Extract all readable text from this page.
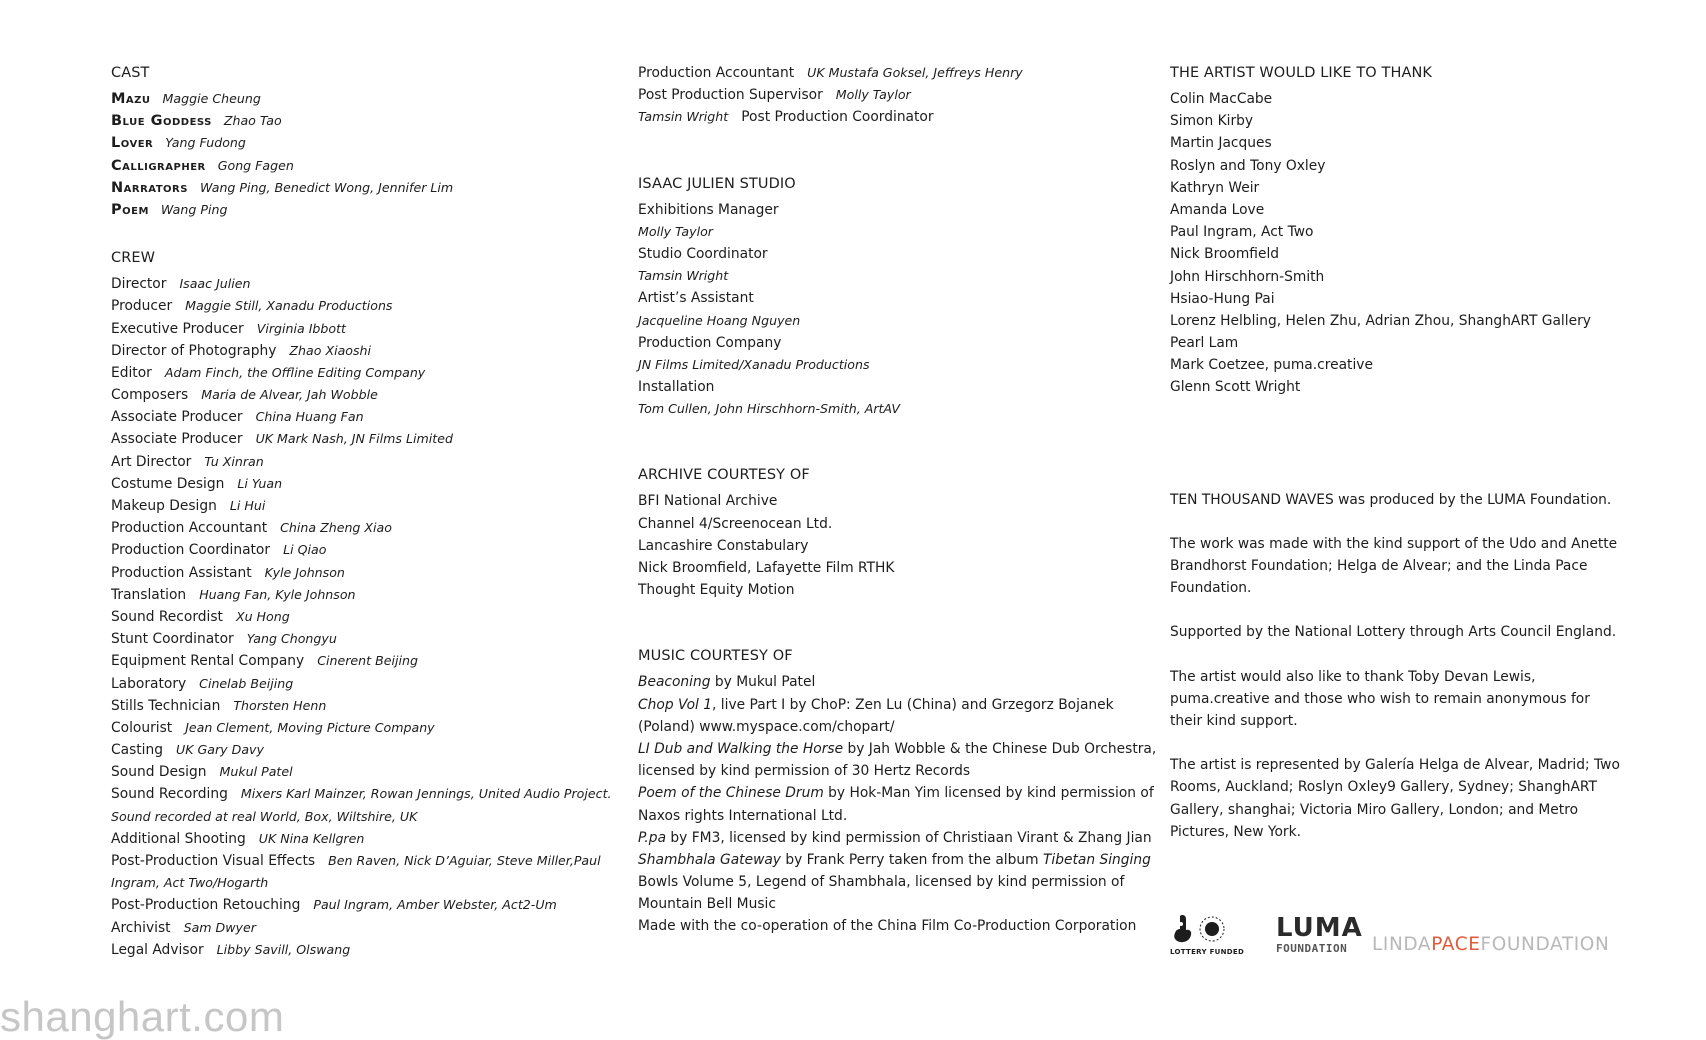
CAST
Mazu Maggie Cheung
Blue Goddess Zhao Tao
Lover Yang Fudong
Calligrapher Gong Fagen
Narrators Wang Ping, Benedict Wong, Jennifer Lim
Poem Wang Ping
CREW
Director Isaac Julien
Producer Maggie Still, Xanadu Productions
Executive Producer Virginia Ibbott
Director of Photography Zhao Xiaoshi
Editor Adam Finch, the Offline Editing Company
Composers Maria de Alvear, Jah Wobble
Associate Producer China Huang Fan
Associate Producer UK Mark Nash, JN Films Limited
Art Director Tu Xinran
Costume Design Li Yuan
Makeup Design Li Hui
Production Accountant China Zheng Xiao
Production Coordinator Li Qiao
Production Assistant Kyle Johnson
Translation Huang Fan, Kyle Johnson
Sound Recordist Xu Hong
Stunt Coordinator Yang Chongyu
Equipment Rental Company Cinerent Beijing
Laboratory Cinelab Beijing
Stills Technician Thorsten Henn
Colourist Jean Clement, Moving Picture Company
Casting UK Gary Davy
Sound Design Mukul Patel
Sound Recording Mixers Karl Mainzer, Rowan Jennings, United Audio Project.
Sound recorded at real World, Box, Wiltshire, UK
Additional Shooting UK Nina Kellgren
Post-Production Visual Effects Ben Raven, Nick D’Aguiar, Steve Miller,Paul
Ingram, Act Two/Hogarth
Post-Production Retouching Paul Ingram, Amber Webster, Act2-Um
Archivist Sam Dwyer
Legal Advisor Libby Savill, Olswang
Production Accountant UK Mustafa Goksel, Jeffreys Henry
Post Production Supervisor Molly Taylor
Tamsin Wright Post Production Coordinator
ISAAC JULIEN STUDIO
Exhibitions Manager
Molly Taylor
Studio Coordinator
Tamsin Wright
Artist’s Assistant
Jacqueline Hoang Nguyen
Production Company
JN Films Limited/Xanadu Productions
Installation
Tom Cullen, John Hirschhorn-Smith, ArtAV
ARCHIVE COURTESY OF
BFI National Archive
Channel 4/Screenocean Ltd.
Lancashire Constabulary
Nick Broomfield, Lafayette Film RTHK
Thought Equity Motion
MUSIC COURTESY OF
Beaconing by Mukul Patel
Chop Vol 1, live Part I by ChoP: Zen Lu (China) and Grzegorz Bojanek
(Poland) www.myspace.com/chopart/
LI Dub and Walking the Horse by Jah Wobble & the Chinese Dub Orchestra,
licensed by kind permission of 30 Hertz Records
Poem of the Chinese Drum by Hok-Man Yim licensed by kind permission of
Naxos rights International Ltd.
P.pa by FM3, licensed by kind permission of Christiaan Virant & Zhang Jian
Shambhala Gateway by Frank Perry taken from the album Tibetan Singing
Bowls Volume 5, Legend of Shambhala, licensed by kind permission of
Mountain Bell Music
Made with the co-operation of the China Film Co-Production Corporation
THE ARTIST WOULD LIKE TO THANK
Colin MacCabe
Simon Kirby
Martin Jacques
Roslyn and Tony Oxley
Kathryn Weir
Amanda Love
Paul Ingram, Act Two
Nick Broomfield
John Hirschhorn-Smith
Hsiao-Hung Pai
Lorenz Helbling, Helen Zhu, Adrian Zhou, ShanghART Gallery
Pearl Lam
Mark Coetzee, puma.creative
Glenn Scott Wright

TEN THOUSAND WAVES was produced by the LUMA Foundation.

The work was made with the kind support of the Udo and Anette Brandhorst Foundation; Helga de Alvear; and the Linda Pace Foundation.

Supported by the National Lottery through Arts Council England.

The artist would also like to thank Toby Devan Lewis, puma.creative and those who wish to remain anonymous for their kind support.

The artist is represented by Galería Helga de Alvear, Madrid; Two Rooms, Auckland; Roslyn Oxley9 Gallery, Sydney; ShanghART Gallery, shanghai; Victoria Miro Gallery, London; and Metro Pictures, New York.

LOTTERY FUNDED
LUMA
FOUNDATION LINDAPACEFOUNDATION
shanghart.com
